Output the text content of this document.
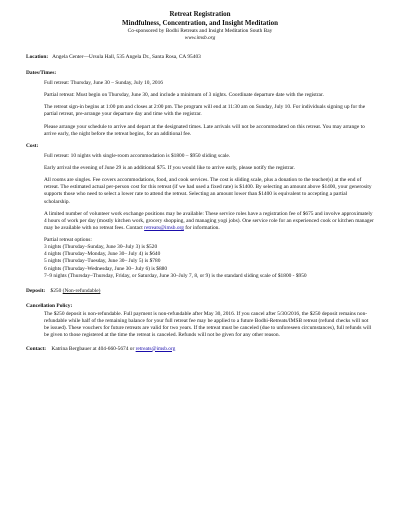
Retreat Registration
Mindfulness, Concentration, and Insight Meditation
Co-sponsored by Bodhi Retreats and Insight Meditation South Bay
www.imsb.org
Location: Angela Center—Ursula Hall, 535 Angela Dr., Santa Rosa, CA 95403
Dates/Times:

Full retreat: Thursday, June 30 – Sunday, July 10, 2016

Partial retreat: Must begin on Thursday, June 30, and include a minimum of 3 nights. Coordinate departure date with the registrar.

The retreat sign-in begins at 1:00 pm and closes at 2:00 pm. The program will end at 11:30 am on Sunday, July 10. For individuals signing up for the partial retreat, pre-arrange your departure day and time with the registrar.

Please arrange your schedule to arrive and depart at the designated times. Late arrivals will not be accommodated on this retreat. You may arrange to arrive early, the night before the retreat begins, for an additional fee.

Cost:

Full retreat: 10 nights with single-room accommodation is $1800 – $950 sliding scale.

Early arrival the evening of June 29 is an additional $75. If you would like to arrive early, please notify the registrar.

All rooms are singles. Fee covers accommodations, food, and cook services. The cost is sliding scale, plus a donation to the teacher(s) at the end of retreat. The estimated actual per-person cost for this retreat (if we had used a fixed rate) is $1400. By selecting an amount above $1400, your generosity supports those who need to select a lower rate to attend the retreat. Selecting an amount lower than $1400 is equivalent to accepting a partial scholarship.

A limited number of volunteer work exchange positions may be available: These service roles have a registration fee of $675 and involve approximately 4 hours of work per day (mostly kitchen work, grocery shopping, and managing yogi jobs). One service role for an experienced cook or kitchen manager may be available with no retreat fees. Contact retreats@imsb.org for information.

Partial retreat options:
3 nights (Thursday–Sunday, June 30–July 3) is $520
4 nights (Thursday–Monday, June 30– July 4) is $640
5 nights (Thursday–Tuesday, June 30– July 5) is $780
6 nights (Thursday–Wednesday, June 30– July 6) is $880
7–9 nights (Thursday–Thursday, Friday, or Saturday, June 30–July 7, 8, or 9) is the standard sliding scale of $1800 - $950
Deposit: $250 (Non-refundable)
Cancellation Policy:

The $250 deposit is non-refundable. Full payment is non-refundable after May 30, 2016. If you cancel after 5/30/2016, the $250 deposit remains non-refundable while half of the remaining balance for your full retreat fee may be applied to a future Bodhi-Retreats/IMSB retreat (refund checks will not be issued). These vouchers for future retreats are valid for two years. If the retreat must be canceled (due to unforeseen circumstances), full refunds will be given to those registered at the time the retreat is canceled. Refunds will not be given for any other reason.

Contact: Katrina Bergbauer at 404-660-5674 or retreats@imsb.org
